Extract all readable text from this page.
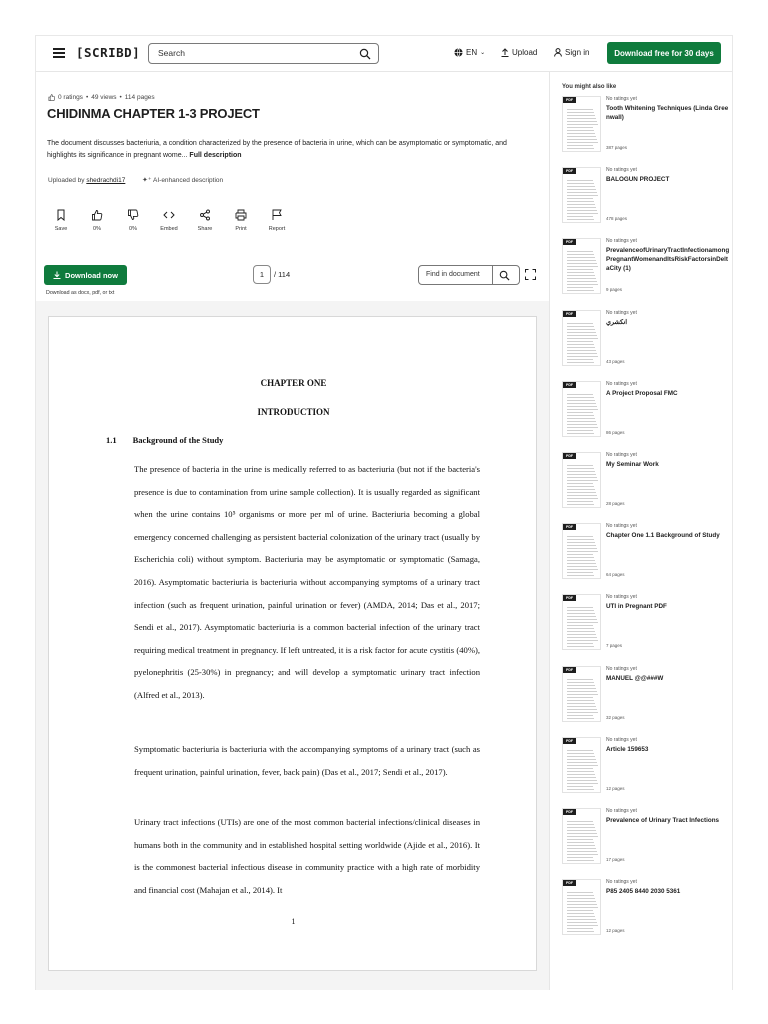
[SCRIBD] Search	EN ⌄	Upload	Sign in	Download free for 30 days
0 ratings • 49 views • 114 pages
CHIDINMA CHAPTER 1-3 PROJECT
The document discusses bacteriuria, a condition characterized by the presence of bacteria in urine, which can be asymptomatic or symptomatic, and highlights its significance in pregnant wome... Full description
Uploaded by shedrachdi17 ✦⁺ AI-enhanced description
Save	0%	0%	Embed	Share	Print	Report
Download now
Download as docx, pdf, or txt
1	/ 114	Find in document
CHAPTER ONE
INTRODUCTION
1.1 Background of the Study
The presence of bacteria in the urine is medically referred to as bacteriuria (but not if the bacteria's presence is due to contamination from urine sample collection). It is usually regarded as significant when the urine contains 10⁵ organisms or more per ml of urine. Bacteriuria becoming a global emergency concerned challenging as persistent bacterial colonization of the urinary tract (usually by Escherichia coli) without symptom. Bacteriuria may be asymptomatic or symptomatic (Samaga, 2016). Asymptomatic bacteriuria is bacteriuria without accompanying symptoms of a urinary tract infection (such as frequent urination, painful urination or fever) (AMDA, 2014; Das et al., 2017; Sendi et al., 2017). Asymptomatic bacteriuria is a common bacterial infection of the urinary tract requiring medical treatment in pregnancy. If left untreated, it is a risk factor for acute cystitis (40%), pyelonephritis (25-30%) in pregnancy; and will develop a symptomatic urinary tract infection (Alfred et al., 2013).
Symptomatic bacteriuria is bacteriuria with the accompanying symptoms of a urinary tract (such as frequent urination, painful urination, fever, back pain) (Das et al., 2017; Sendi et al., 2017).
Urinary tract infections (UTIs) are one of the most common bacterial infections/clinical diseases in humans both in the community and in established hospital setting worldwide (Ajide et al., 2016). It is the commonest bacterial infectious disease in community practice with a high rate of morbidity and financial cost (Mahajan et al., 2014). It
1
You might also like
PDF	No ratings yet
Tooth Whitening Techniques (Linda Greenwall)
387 pages
PDF	No ratings yet
BALOGUN PROJECT
478 pages
PDF	No ratings yet
PrevalenceofUrinaryTractInfectionamongPregnantWomenandItsRiskFactorsinDeltaCity (1)
9 pages
PDF	No ratings yet
انكشري
43 pages
PDF	No ratings yet
A Project Proposal FMC
86 pages
PDF	No ratings yet
My Seminar Work
28 pages
PDF	No ratings yet
Chapter One 1.1 Background of Study
64 pages
PDF	No ratings yet
UTI in Pregnant PDF
7 pages
PDF	No ratings yet
MANUEL @@###W
32 pages
PDF	No ratings yet
Article 159653
12 pages
PDF	No ratings yet
Prevalence of Urinary Tract Infections
17 pages
PDF	No ratings yet
P85 2405 8440 2030 5361
12 pages
